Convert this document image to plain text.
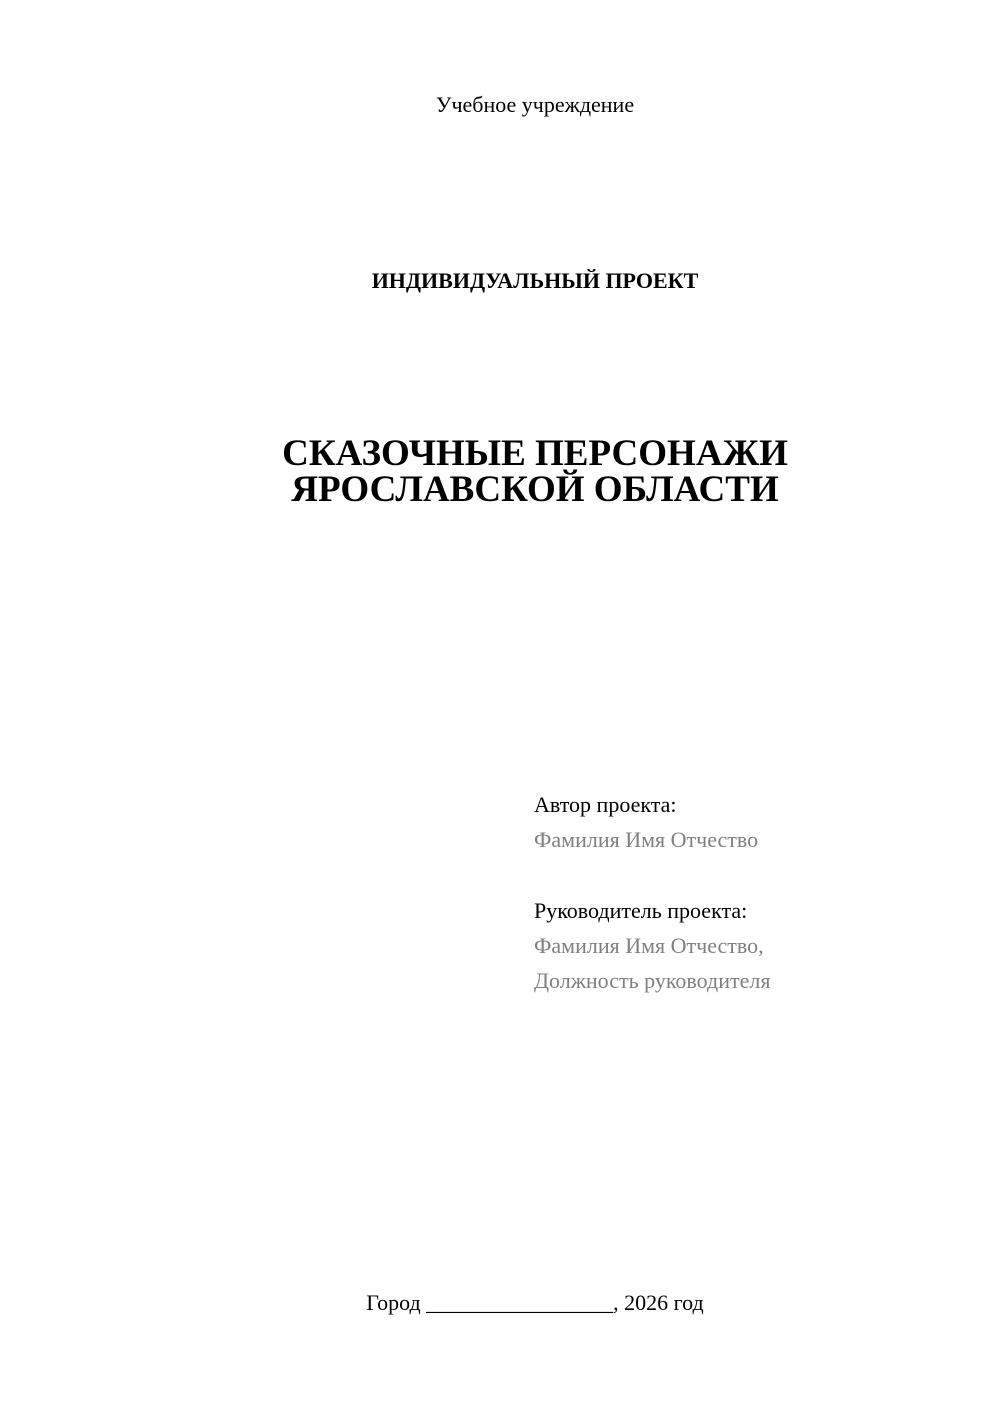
Учебное учреждение
ИНДИВИДУАЛЬНЫЙ ПРОЕКТ
СКАЗОЧНЫЕ ПЕРСОНАЖИ
ЯРОСЛАВСКОЙ ОБЛАСТИ
Автор проекта:
Фамилия Имя Отчество
Руководитель проекта:
Фамилия Имя Отчество,
Должность руководителя
Город _________________, 2026 год
